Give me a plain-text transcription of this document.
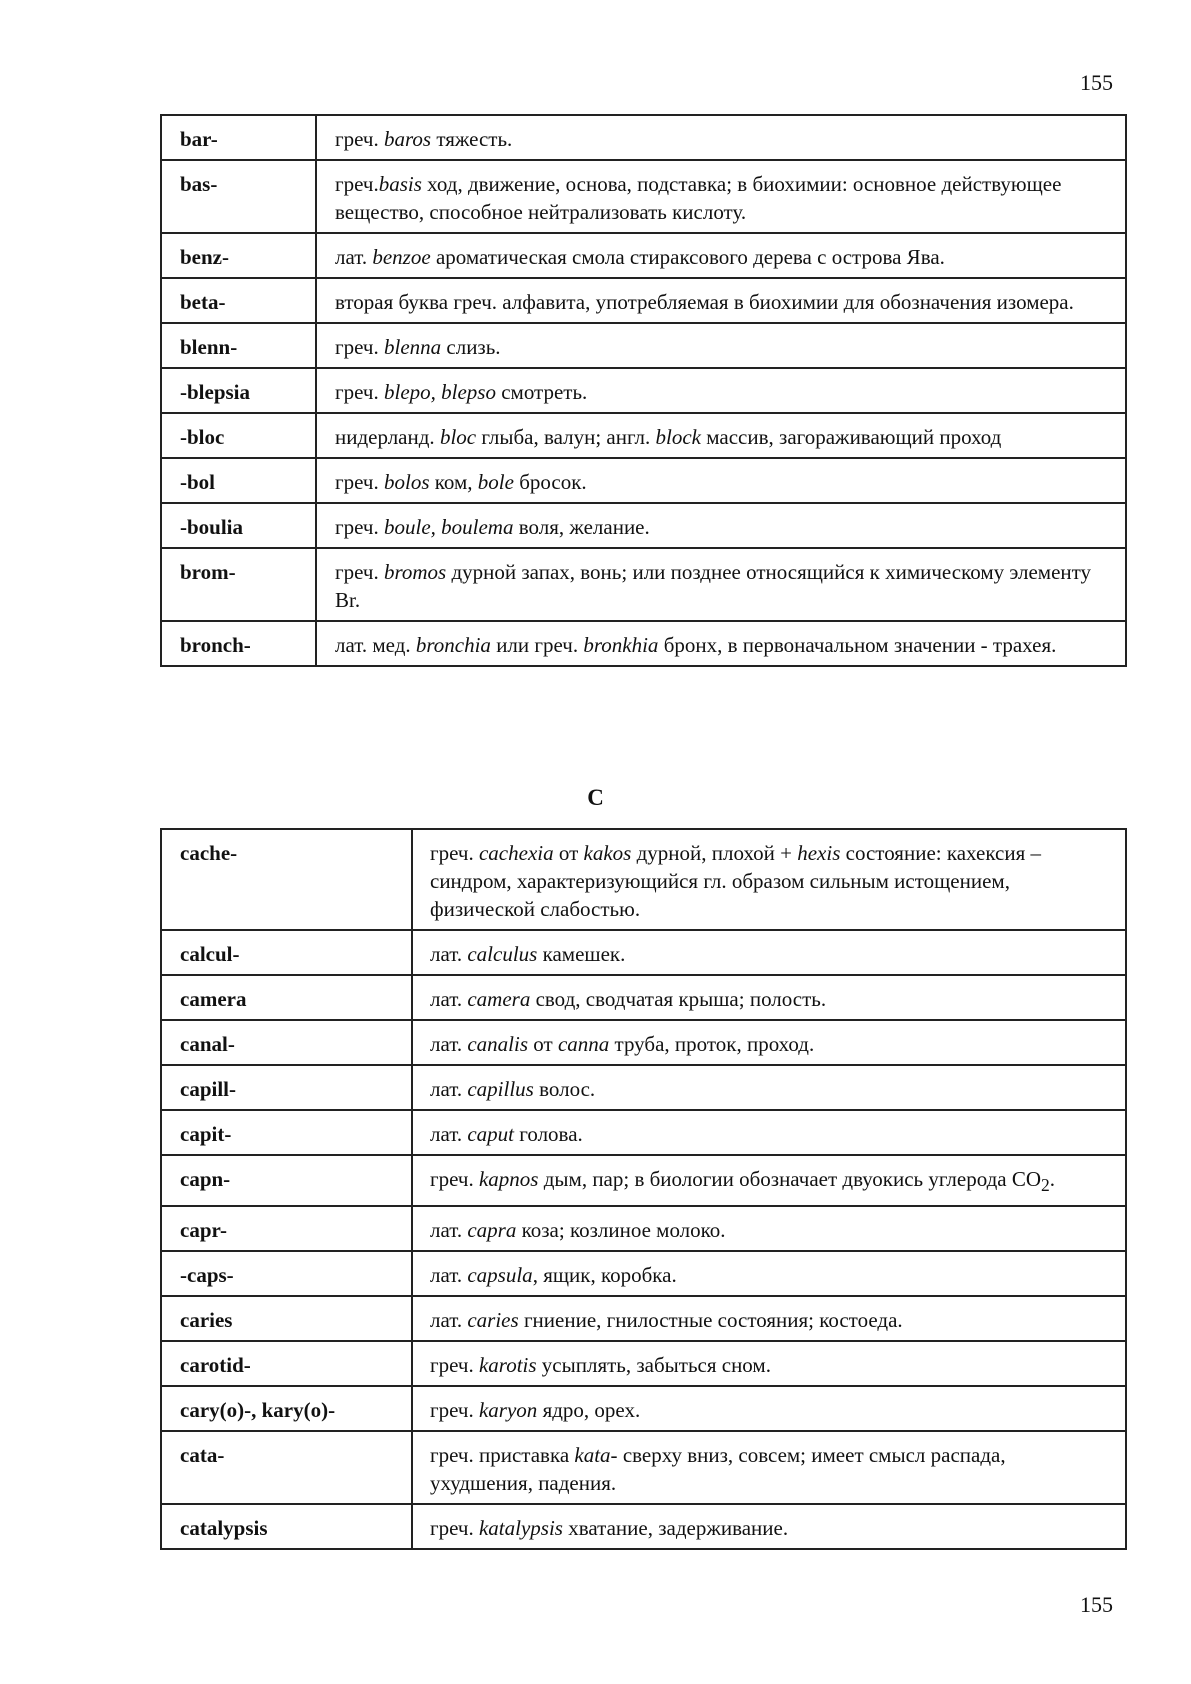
155
bar-	греч. baros тяжесть.
bas-	греч.basis ход, движение, основа, подставка; в биохимии: основное действующее вещество, способное нейтрализовать кислоту.
benz-	лат. benzoe ароматическая смола стираксового дерева с острова Ява.
beta-	вторая буква греч. алфавита, употребляемая в биохимии для обозначения изомера.
blenn-	греч. blenna слизь.
-blepsia	греч. blepo, blepso смотреть.
-bloc	нидерланд. bloc глыба, валун; англ. block массив, загораживающий проход
-bol	греч. bolos ком, bole бросок.
-boulia	греч. boule, boulema воля, желание.
brom-	греч. bromos дурной запах, вонь; или позднее относящийся к химическому элементу Br.
bronch-	лат. мед. bronchia или греч. bronkhia бронх, в первоначальном значении - трахея.
C
cache-	греч. cachexia от kakos дурной, плохой + hexis состояние: кахексия – синдром, характеризующийся гл. образом сильным истощением, физической слабостью.
calcul-	лат. calculus камешек.
camera	лат. camera свод, сводчатая крыша; полость.
canal-	лат. canalis от canna труба, проток, проход.
capill-	лат. capillus волос.
capit-	лат. caput голова.
capn-	греч. kapnos дым, пар; в биологии обозначает двуокись углерода $CO_2$.
capr-	лат. capra коза; козлиное молоко.
-caps-	лат. capsula, ящик, коробка.
caries	лат. caries гниение, гнилостные состояния; костоеда.
carotid-	греч. karotis усыплять, забыться сном.
cary(o)-, kary(o)-	греч. karyon ядро, орех.
cata-	греч. приставка kata- сверху вниз, совсем; имеет смысл распада, ухудшения, падения.
catalypsis	греч. katalypsis хватание, задерживание.
155
